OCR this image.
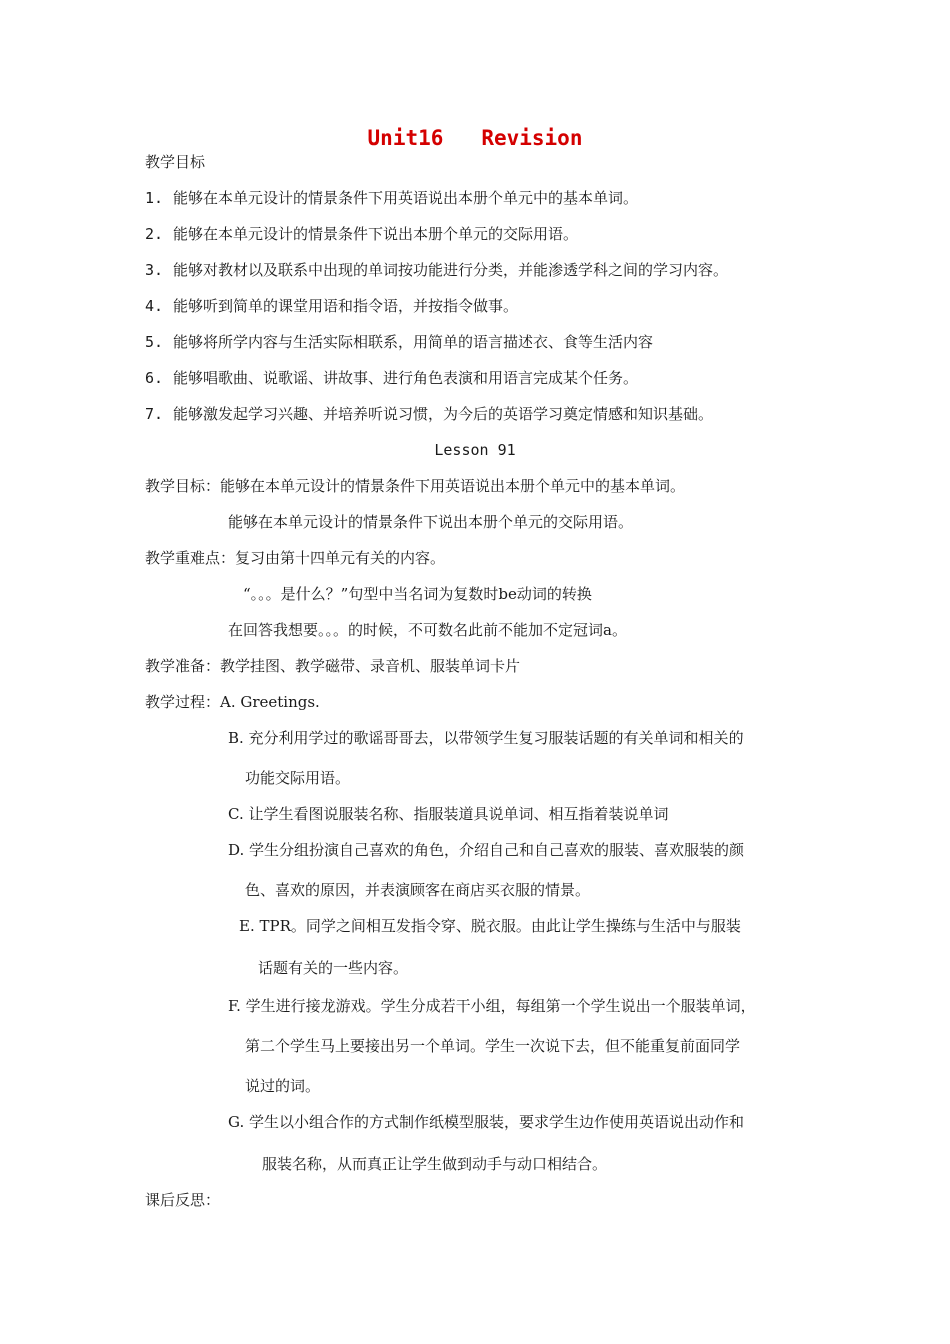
Unit16   Revision
教学目标
1. 能够在本单元设计的情景条件下用英语说出本册个单元中的基本单词。
2. 能够在本单元设计的情景条件下说出本册个单元的交际用语。
3. 能够对教材以及联系中出现的单词按功能进行分类，并能渗透学科之间的学习内容。
4. 能够听到简单的课堂用语和指令语，并按指令做事。
5. 能够将所学内容与生活实际相联系，用简单的语言描述衣、食等生活内容
6. 能够唱歌曲、说歌谣、讲故事、进行角色表演和用语言完成某个任务。
7. 能够激发起学习兴趣、并培养听说习惯，为今后的英语学习奠定情感和知识基础。
Lesson 91
教学目标：能够在本单元设计的情景条件下用英语说出本册个单元中的基本单词。
能够在本单元设计的情景条件下说出本册个单元的交际用语。
教学重难点：复习由第十四单元有关的内容。
“。。。是什么？”句型中当名词为复数时be动词的转换
在回答我想要。。。的时候，不可数名此前不能加不定冠词a。
教学准备：教学挂图、教学磁带、录音机、服装单词卡片
教学过程：A. Greetings.
B. 充分利用学过的歌谣哥哥去，以带领学生复习服装话题的有关单词和相关的
功能交际用语。
C. 让学生看图说服装名称、指服装道具说单词、相互指着装说单词
D. 学生分组扮演自己喜欢的角色，介绍自己和自己喜欢的服装、喜欢服装的颜
色、喜欢的原因，并表演顾客在商店买衣服的情景。
E. TPR。同学之间相互发指令穿、脱衣服。由此让学生操练与生活中与服装
话题有关的一些内容。
F. 学生进行接龙游戏。学生分成若干小组，每组第一个学生说出一个服装单词，
第二个学生马上要接出另一个单词。学生一次说下去，但不能重复前面同学
说过的词。
G. 学生以小组合作的方式制作纸模型服装，要求学生边作使用英语说出动作和
服装名称，从而真正让学生做到动手与动口相结合。
课后反思：
